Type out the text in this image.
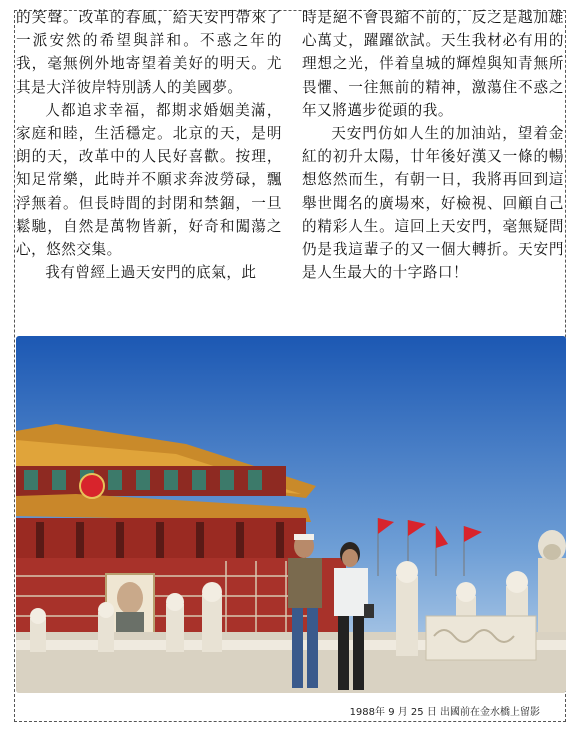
的笑聲。改革的春風，給天安門帶來了一派安然的希望與詳和。不惑之年的我，毫無例外地寄望着美好的明天。尤其是大洋彼岸特別誘人的美國夢。

人都追求幸福，都期求婚姻美滿，家庭和睦，生活穩定。北京的天，是明朗的天，改革中的人民好喜歡。按理，知足常樂，此時并不願求奔波勞碌，飄浮無着。但長時間的封閉和禁錮，一旦鬆馳，自然是萬物皆新，好奇和闖蕩之心，悠然交集。

我有曾經上過天安門的底氣，此

時是絕不會畏縮不前的，反之是越加雄心萬丈，躍躍欲試。天生我材必有用的理想之光，伴着皇城的輝煌與知青無所畏懼、一往無前的精神，激蕩住不惑之年又將邁步從頭的我。

天安門仿如人生的加油站，望着金紅的初升太陽，廿年後好漢又一條的暢想悠然而生，有朝一日，我將再回到這舉世聞名的廣場來，好檢視、回顧自己的精彩人生。這回上天安門，毫無疑問仍是我這輩子的又一個大轉折。天安門是人生最大的十字路口！

1988年 9 月 25 日 出國前在金水橋上留影
